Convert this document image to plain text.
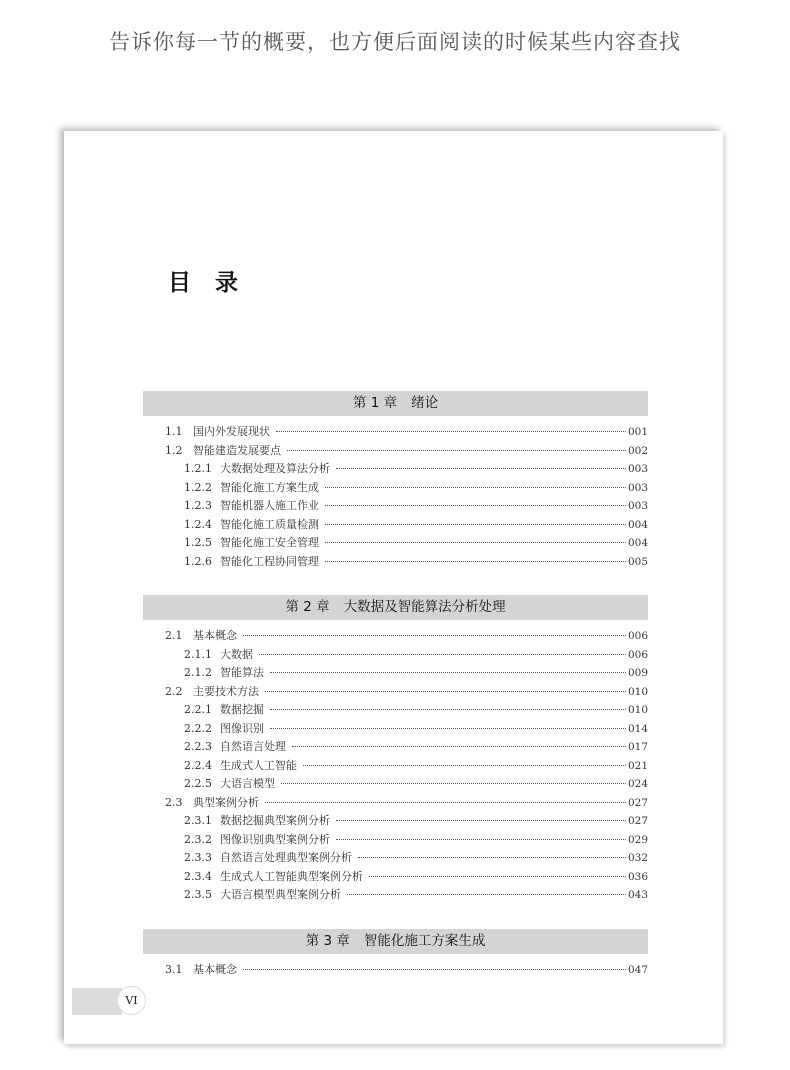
告诉你每一节的概要，也方便后面阅读的时候某些内容查找
目 录
第 1 章 绪论
1.1 国内外发展现状	001
1.2 智能建造发展要点	002
1.2.1 大数据处理及算法分析	003
1.2.2 智能化施工方案生成	003
1.2.3 智能机器人施工作业	003
1.2.4 智能化施工质量检测	004
1.2.5 智能化施工安全管理	004
1.2.6 智能化工程协同管理	005
第 2 章 大数据及智能算法分析处理
2.1 基本概念	006
2.1.1 大数据	006
2.1.2 智能算法	009
2.2 主要技术方法	010
2.2.1 数据挖掘	010
2.2.2 图像识别	014
2.2.3 自然语言处理	017
2.2.4 生成式人工智能	021
2.2.5 大语言模型	024
2.3 典型案例分析	027
2.3.1 数据挖掘典型案例分析	027
2.3.2 图像识别典型案例分析	029
2.3.3 自然语言处理典型案例分析	032
2.3.4 生成式人工智能典型案例分析	036
2.3.5 大语言模型典型案例分析	043
第 3 章 智能化施工方案生成
3.1 基本概念	047
VI
